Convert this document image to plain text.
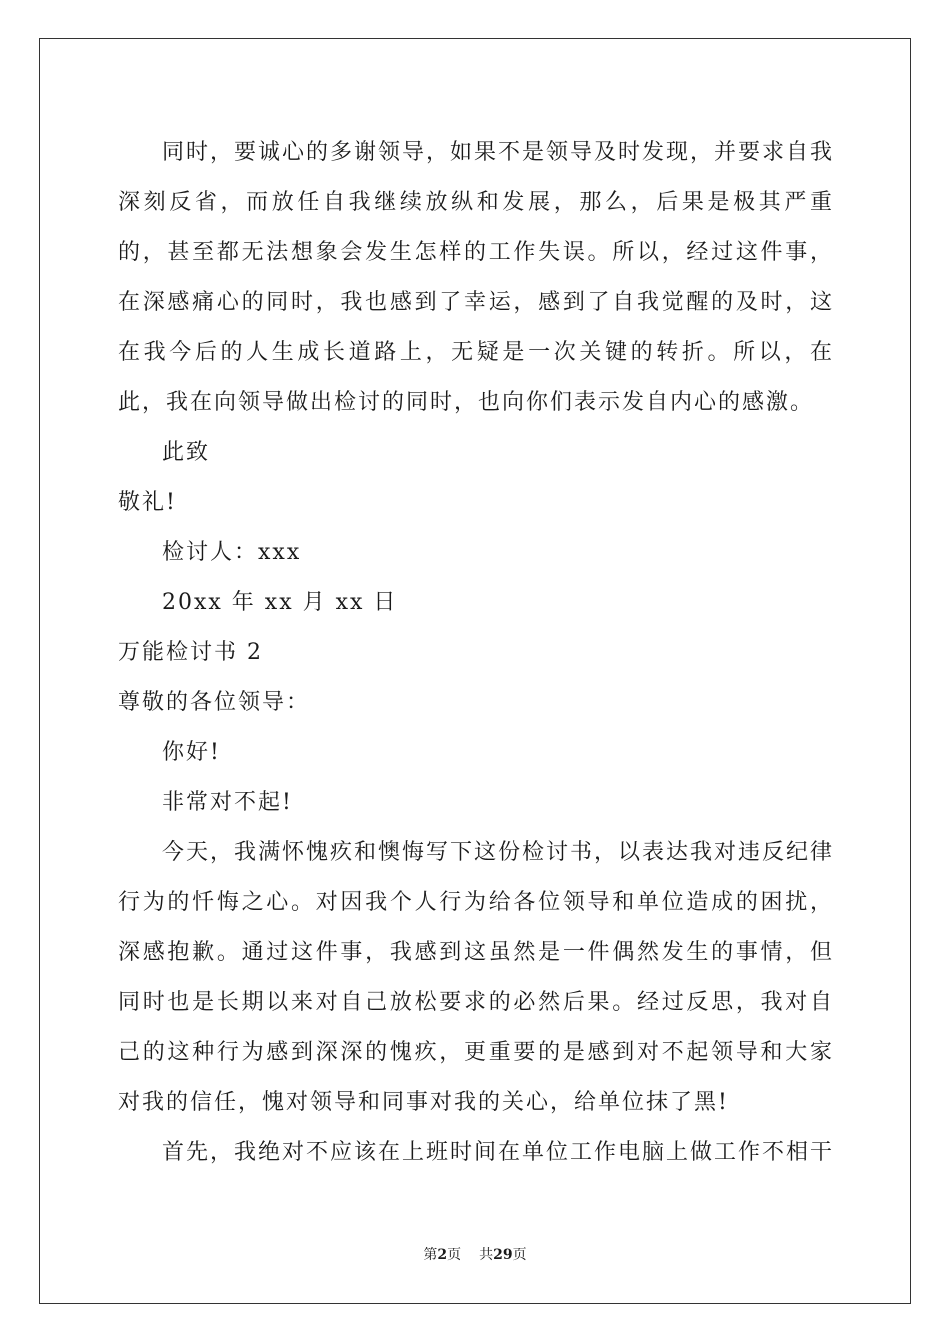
同时，要诚心的多谢领导，如果不是领导及时发现，并要求自我深刻反省，而放任自我继续放纵和发展，那么，后果是极其严重的，甚至都无法想象会发生怎样的工作失误。所以，经过这件事，在深感痛心的同时，我也感到了幸运，感到了自我觉醒的及时，这在我今后的人生成长道路上，无疑是一次关键的转折。所以，在此，我在向领导做出检讨的同时，也向你们表示发自内心的感激。

此致

敬礼!

检讨人：xxx

20xx 年 xx 月 xx 日

万能检讨书 2

尊敬的各位领导：

你好!

非常对不起!

今天，我满怀愧疚和懊悔写下这份检讨书，以表达我对违反纪律行为的忏悔之心。对因我个人行为给各位领导和单位造成的困扰，深感抱歉。通过这件事，我感到这虽然是一件偶然发生的事情，但同时也是长期以来对自己放松要求的必然后果。经过反思，我对自己的这种行为感到深深的愧疚，更重要的是感到对不起领导和大家对我的信任，愧对领导和同事对我的关心，给单位抹了黑!

首先，我绝对不应该在上班时间在单位工作电脑上做工作不相干

第2页 共29页
